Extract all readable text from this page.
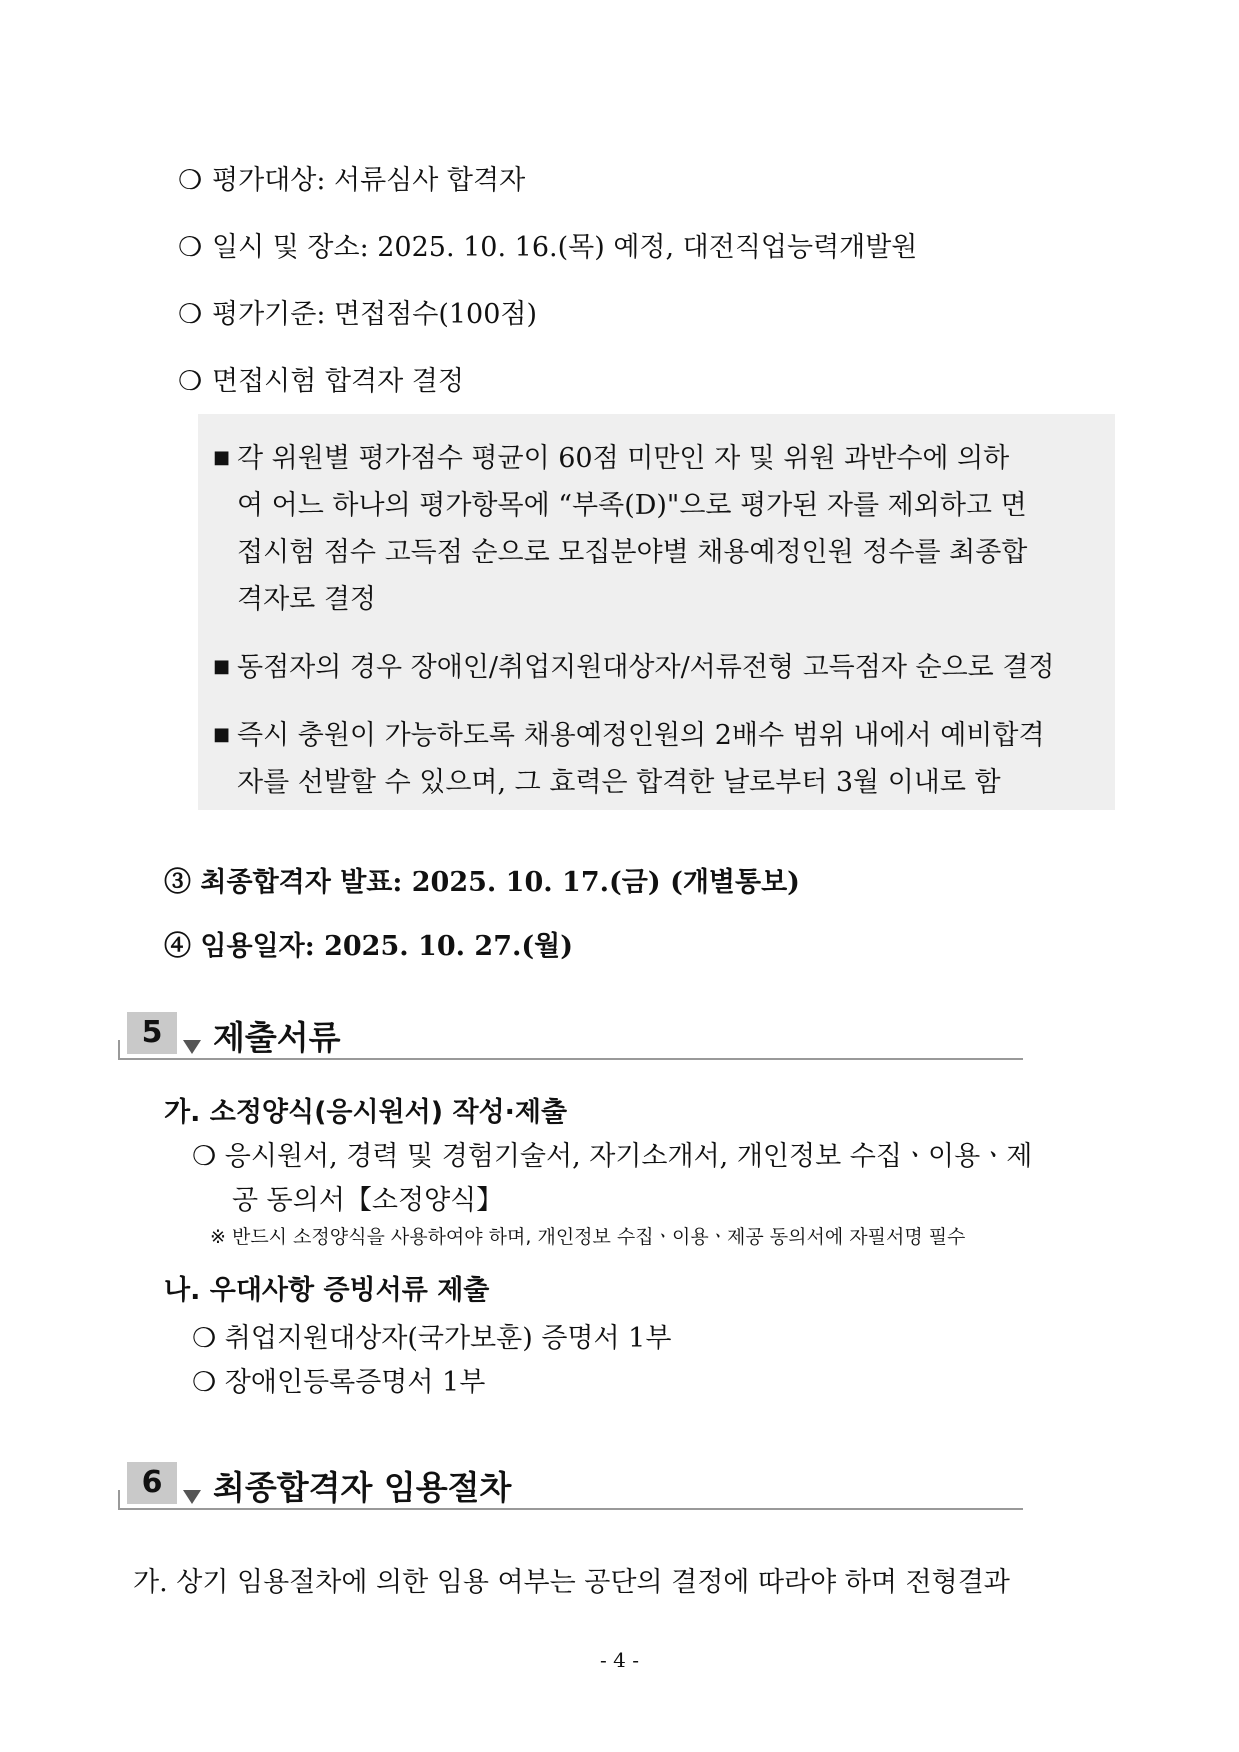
❍ 평가대상: 서류심사 합격자
❍ 일시 및 장소: 2025. 10. 16.(목) 예정, 대전직업능력개발원
❍ 평가기준: 면접점수(100점)
❍ 면접시험 합격자 결정
■ 각 위원별 평가점수 평균이 60점 미만인 자 및 위원 과반수에 의하
여 어느 하나의 평가항목에 “부족(D)"으로 평가된 자를 제외하고 면
접시험 점수 고득점 순으로 모집분야별 채용예정인원 정수를 최종합
격자로 결정
■ 동점자의 경우 장애인/취업지원대상자/서류전형 고득점자 순으로 결정
■ 즉시 충원이 가능하도록 채용예정인원의 2배수 범위 내에서 예비합격
자를 선발할 수 있으며, 그 효력은 합격한 날로부터 3월 이내로 함
③ 최종합격자 발표: 2025. 10. 17.(금) (개별통보)
④ 임용일자: 2025. 10. 27.(월)
5	제출서류
가. 소정양식(응시원서) 작성·제출
❍ 응시원서, 경력 및 경험기술서, 자기소개서, 개인정보 수집ㆍ이용ㆍ제
공 동의서【소정양식】
※ 반드시 소정양식을 사용하여야 하며, 개인정보 수집ㆍ이용ㆍ제공 동의서에 자필서명 필수
나. 우대사항 증빙서류 제출
❍ 취업지원대상자(국가보훈) 증명서 1부
❍ 장애인등록증명서 1부
6	최종합격자 임용절차
가. 상기 임용절차에 의한 임용 여부는 공단의 결정에 따라야 하며 전형결과
- 4 -
